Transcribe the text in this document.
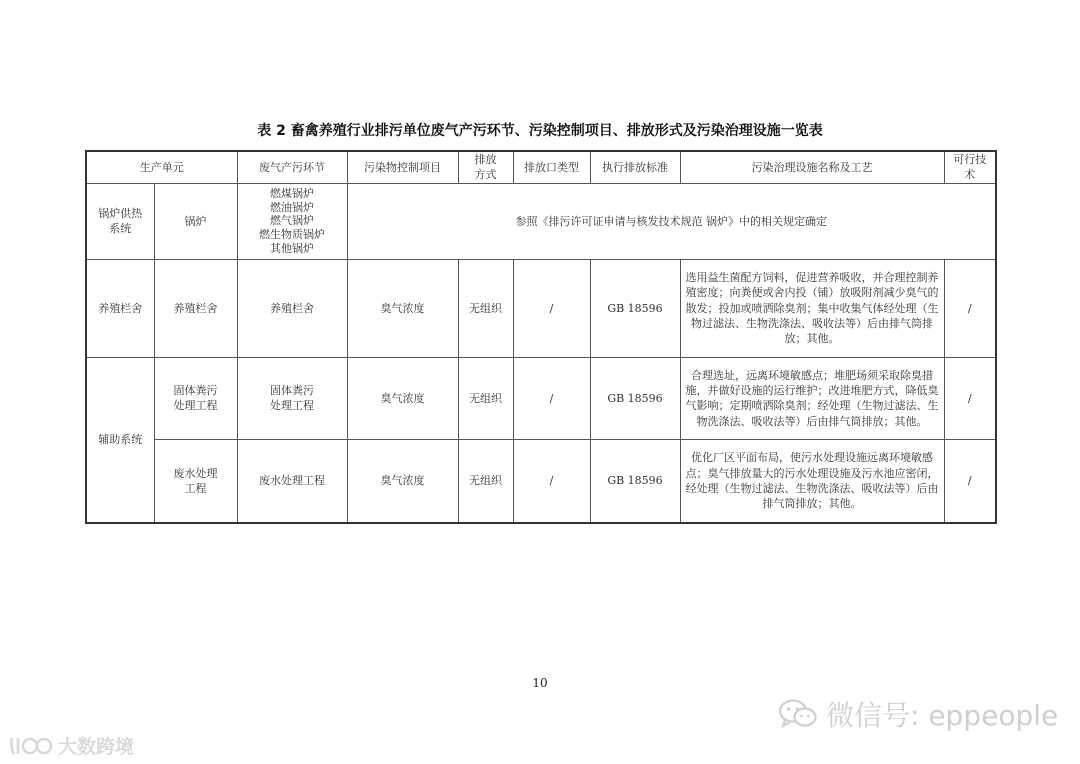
表 2 畜禽养殖行业排污单位废气产污环节、污染控制项目、排放形式及污染治理设施一览表
生产单元		废气产污环节	污染物控制项目	排放
方式	排放口类型	执行排放标准	污染治理设施名称及工艺	可行技
术
锅炉供热
系统	锅炉	燃煤锅炉
燃油锅炉
燃气锅炉
燃生物质锅炉
其他锅炉	参照《排污许可证申请与核发技术规范 锅炉》中的相关规定确定					
养殖栏舍	养殖栏舍	养殖栏舍	臭气浓度	无组织	/	GB 18596	选用益生菌配方饲料，促进营养吸收，并合理控制养殖密度；向粪便或舍内投（铺）放吸附剂减少臭气的散发；投加或喷洒除臭剂；集中收集气体经处理（生物过滤法、生物洗涤法、吸收法等）后由排气筒排放；其他。	/
辅助系统	固体粪污
处理工程	固体粪污
处理工程	臭气浓度	无组织	/	GB 18596	合理选址，远离环境敏感点；堆肥场须采取除臭措施，并做好设施的运行维护；改进堆肥方式，降低臭气影响；定期喷洒除臭剂；经处理（生物过滤法、生物洗涤法、吸收法等）后由排气筒排放；其他。	/
	废水处理
工程	废水处理工程	臭气浓度	无组织	/	GB 18596	优化厂区平面布局，使污水处理设施远离环境敏感点；臭气排放量大的污水处理设施及污水池应密闭，经处理（生物过滤法、生物洗涤法、吸收法等）后由排气筒排放；其他。	/
10
微信号: eppeople
大数跨境
